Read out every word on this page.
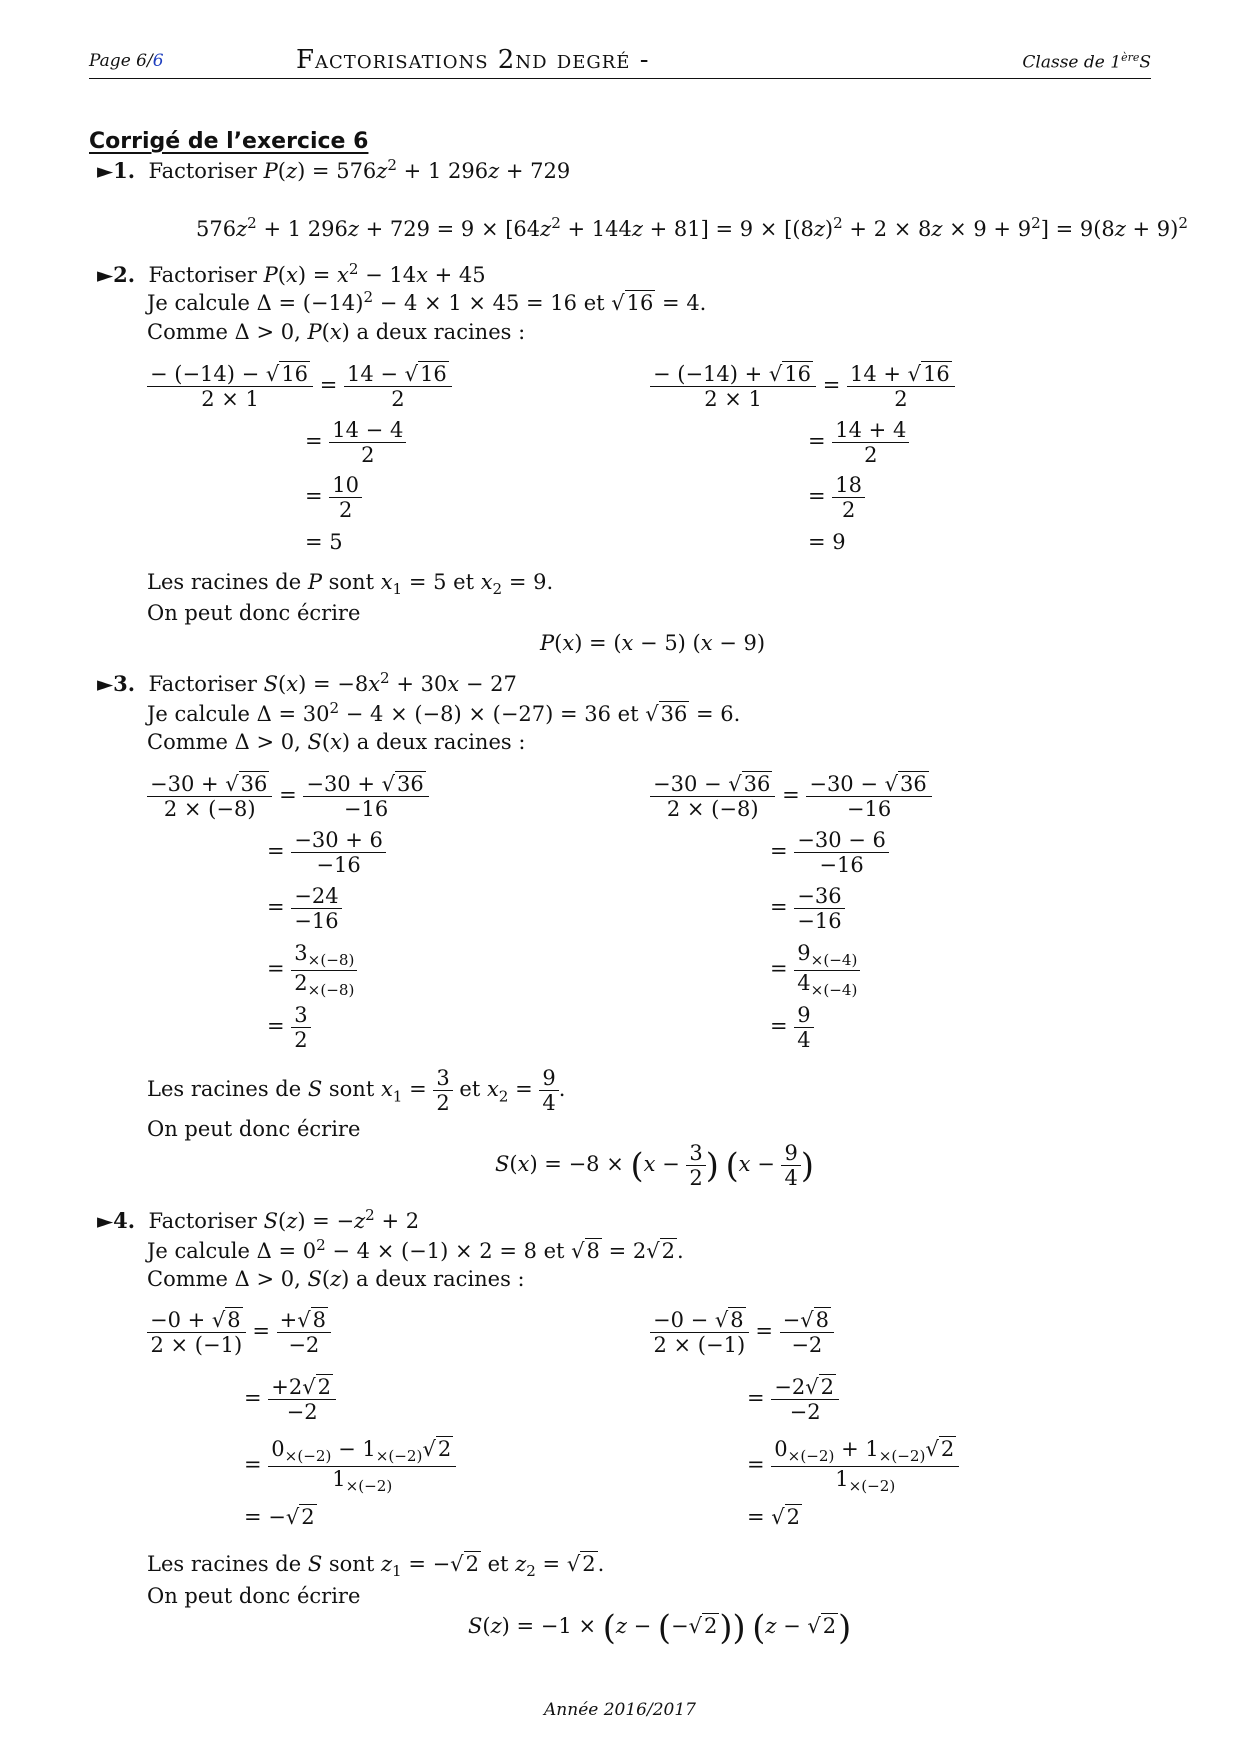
Page 6/6	Factorisations 2nd degré -	Classe de 1èreS
Corrigé de l’exercice 6
►1. Factoriser $P(z) = 576z^2 + 1$ 296z + 729
$576z^2 + 1$ $296z + 729 = 9 \times [64z^2 + 144z + 81] = 9 \times [(8z)^2 + 2 \times 8z \times 9 + 9^2] = 9(8z + 9)^2$
►2. Factoriser $P(x) = x^2 - 14x + 45$
Je calcule $\Delta = (-14)^2 - 4 \times 1 \times 45 = 16$ et √16 = 4.
Comme Δ > 0, P(x) a deux racines :
$\frac{- (-14) - √16}{2 \times 1} = \frac{14 - √16}{2}$
= $\frac{14 - 4}{2}$
= $\frac{10}{2}$
= 5
$\frac{- (-14) + √16}{2 \times 1} = \frac{14 + √16}{2}$
= $\frac{14 + 4}{2}$
= $\frac{18}{2}$
= 9
Les racines de P sont $x_1 = 5$ et $x_2 = 9$.
On peut donc écrire
P(x) = (x − 5) (x − 9)
►3. Factoriser $S(x) = -8x^2 + 30x - 27$
Je calcule $\Delta = 30^2 - 4 \times (-8) \times (-27) = 36$ et √36 = 6.
Comme Δ > 0, S(x) a deux racines :
$\frac{-30 + √36}{2 \times (-8)} = \frac{-30 + √36}{-16}$
= $\frac{-30 + 6}{-16}$
= $\frac{-24}{-16}$
= $\frac{3_{\times(-8)}}{2_{\times(-8)}}$
= $\frac{3}{2}$
$\frac{-30 - √36}{2 \times (-8)} = \frac{-30 - √36}{-16}$
= $\frac{-30 - 6}{-16}$
= $\frac{-36}{-16}$
= $\frac{9_{\times(-4)}}{4_{\times(-4)}}$
= $\frac{9}{4}$
Les racines de S sont $x_1 = \frac{3}{2}$ et $x_2 = \frac{9}{4}$ .
On peut donc écrire
$S(x) = -8 \times (x - \frac{3}{2}$ ) ($x - \frac{9}{4}$ )
►4. Factoriser $S(z) = -z^2 + 2$
Je calcule $\Delta = 0^2 - 4 \times (-1) \times 2 = 8$ et √8 = 2√2.
Comme Δ > 0, S(z) a deux racines :
$\frac{-0 + √8}{2 \times (-1)} = \frac{+√8}{-2}$
= $\frac{+2√2}{-2}$
= $\frac{0_{\times(-2)} - 1_{\times(-2)}√2}{1_{\times(-2)}}$
= −√2
$\frac{-0 - √8}{2 \times (-1)} = \frac{-√8}{-2}$
= $\frac{-2√2}{-2}$
= $\frac{0_{\times(-2)} + 1_{\times(-2)}√2}{1_{\times(-2)}}$
= √2
Les racines de S sont $z_1 = -√2$ et $z_2 = √2$.
On peut donc écrire
S(z) = −1 × (z − (−√2)) (z − √2)
Année 2016/2017
